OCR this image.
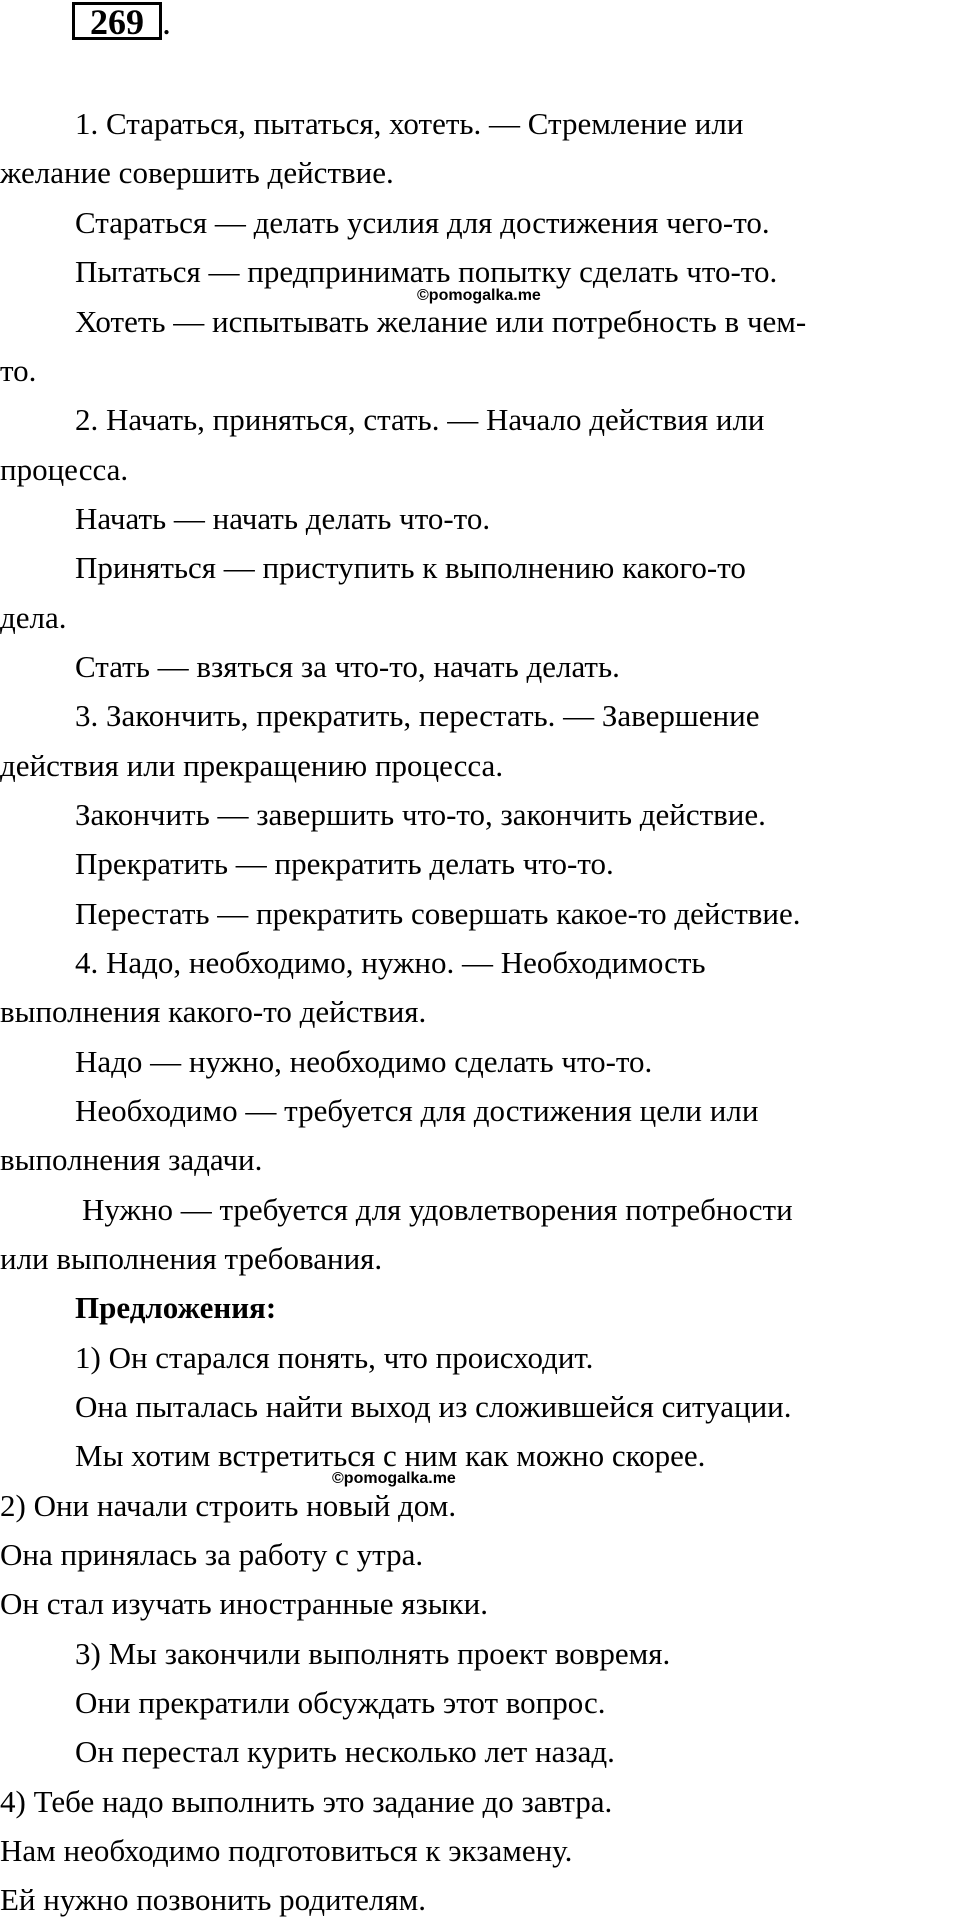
269 .
1. Стараться, пытаться, хотеть. — Стремление или
желание совершить действие.
Стараться — делать усилия для достижения чего-то.
Пытаться — предпринимать попытку сделать что-то.
©pomogalka.me
Хотеть — испытывать желание или потребность в чем-
то.
2. Начать, приняться, стать. — Начало действия или
процесса.
Начать — начать делать что-то.
Приняться — приступить к выполнению какого-то
дела.
Стать — взяться за что-то, начать делать.
3. Закончить, прекратить, перестать. — Завершение
действия или прекращению процесса.
Закончить — завершить что-то, закончить действие.
Прекратить — прекратить делать что-то.
Перестать — прекратить совершать какое-то действие.
4. Надо, необходимо, нужно. — Необходимость
выполнения какого-то действия.
Надо — нужно, необходимо сделать что-то.
Необходимо — требуется для достижения цели или
выполнения задачи.
Нужно — требуется для удовлетворения потребности
или выполнения требования.
Предложения:
1) Он старался понять, что происходит.
Она пыталась найти выход из сложившейся ситуации.
Мы хотим встретиться с ним как можно скорее.
©pomogalka.me
2) Они начали строить новый дом.
Она принялась за работу с утра.
Он стал изучать иностранные языки.
3) Мы закончили выполнять проект вовремя.
Они прекратили обсуждать этот вопрос.
Он перестал курить несколько лет назад.
4) Тебе надо выполнить это задание до завтра.
Нам необходимо подготовиться к экзамену.
Ей нужно позвонить родителям.
